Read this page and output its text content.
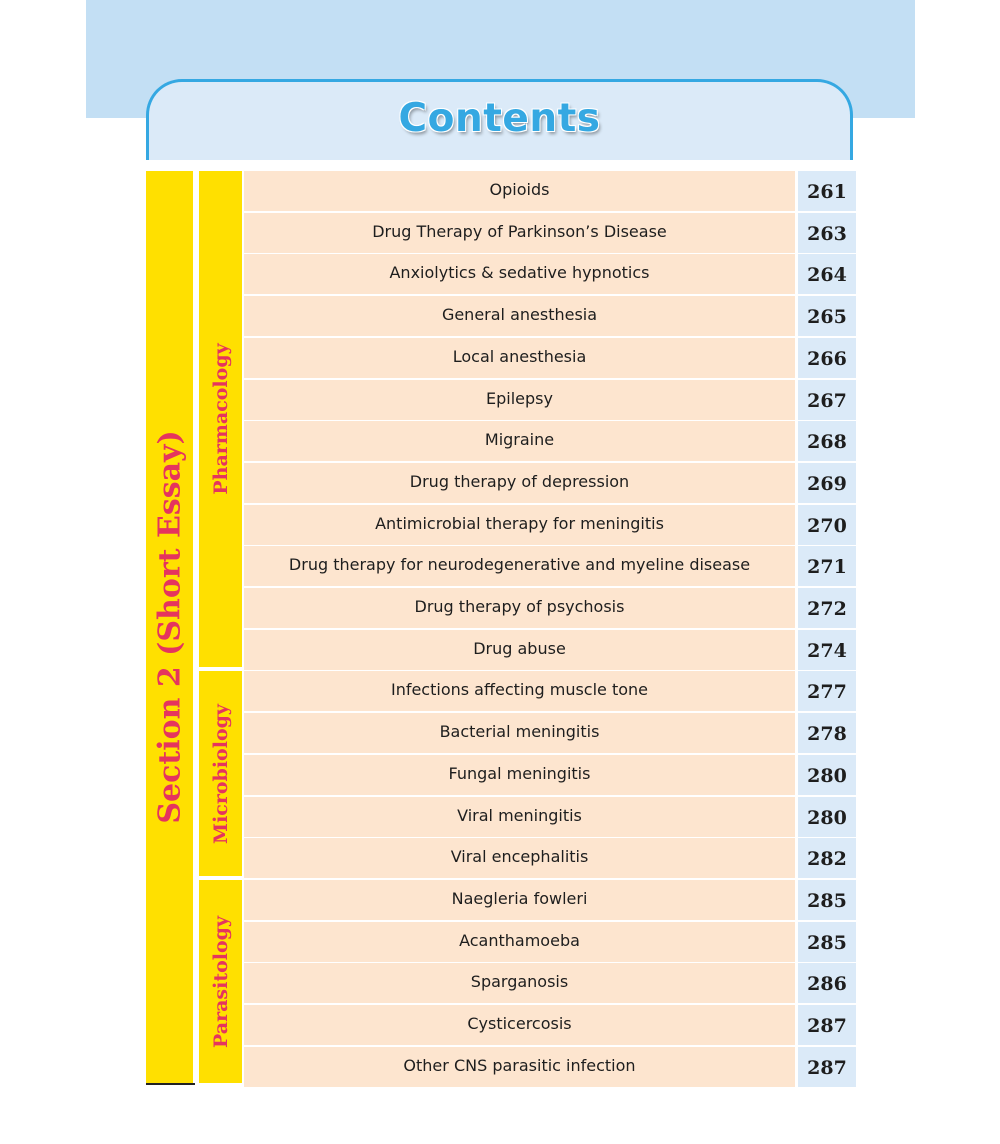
Contents
Section 2 (Short Essay)
Pharmacology
Opioids	261
Drug Therapy of Parkinson’s Disease	263
Anxiolytics & sedative hypnotics	264
General anesthesia	265
Local anesthesia	266
Epilepsy	267
Migraine	268
Drug therapy of depression	269
Antimicrobial therapy for meningitis	270
Drug therapy for neurodegenerative and myeline disease	271
Drug therapy of psychosis	272
Drug abuse	274
Microbiology
Infections affecting muscle tone	277
Bacterial meningitis	278
Fungal meningitis	280
Viral meningitis	280
Viral encephalitis	282
Parasitology
Naegleria fowleri	285
Acanthamoeba	285
Sparganosis	286
Cysticercosis	287
Other CNS parasitic infection	287
